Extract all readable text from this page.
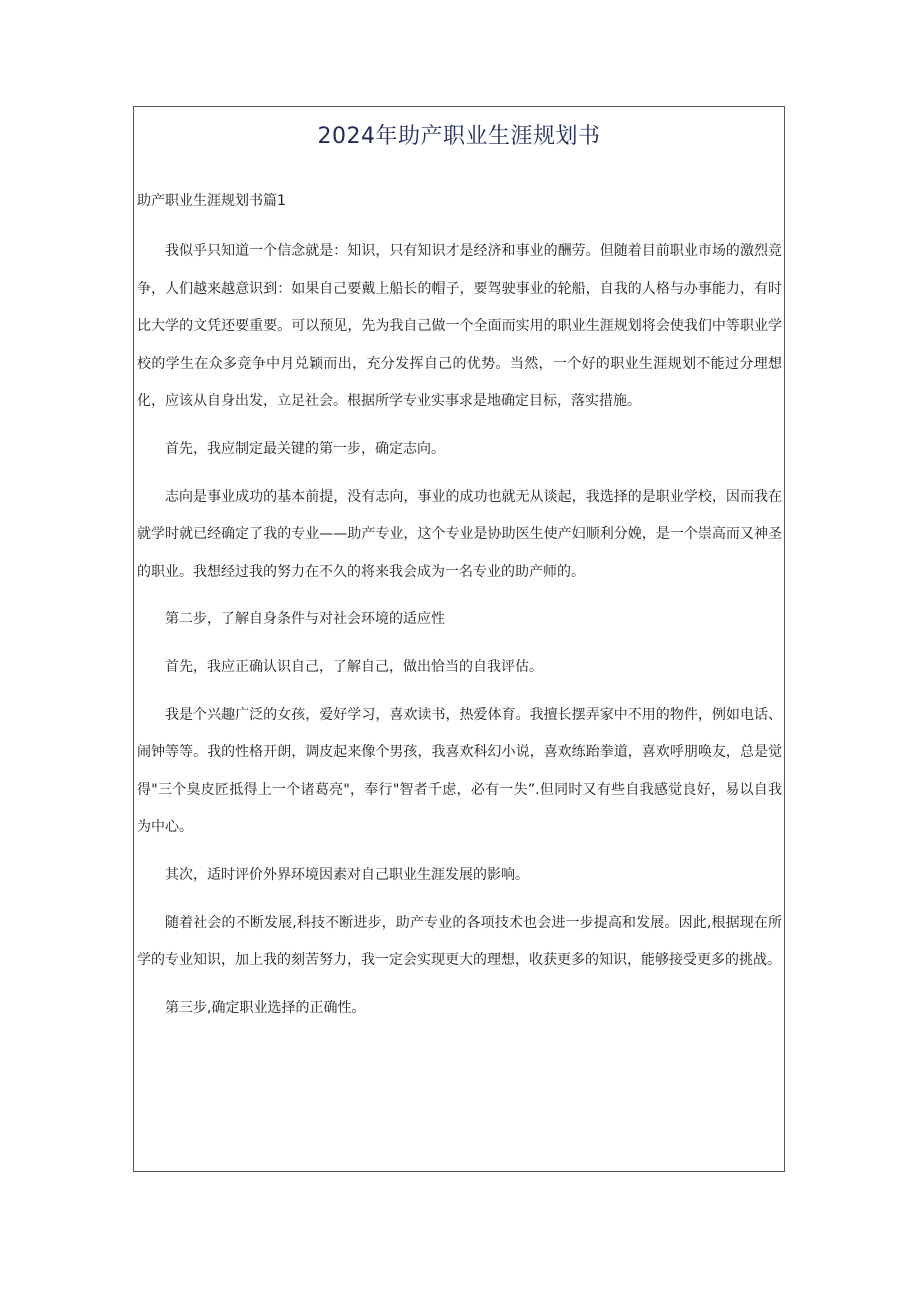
2024年助产职业生涯规划书
助产职业生涯规划书篇1

我似乎只知道一个信念就是：知识，只有知识才是经济和事业的酬劳。但随着目前职业市场的激烈竞争，人们越来越意识到：如果自己要戴上船长的帽子，要驾驶事业的轮船，自我的人格与办事能力，有时比大学的文凭还要重要。可以预见，先为我自己做一个全面而实用的职业生涯规划将会使我们中等职业学校的学生在众多竞争中月兑颖而出，充分发挥自己的优势。当然，一个好的职业生涯规划不能过分理想化，应该从自身出发，立足社会。根据所学专业实事求是地确定目标，落实措施。

首先，我应制定最关键的第一步，确定志向。

志向是事业成功的基本前提，没有志向，事业的成功也就无从谈起，我选择的是职业学校，因而我在就学时就已经确定了我的专业——助产专业，这个专业是协助医生使产妇顺利分娩，是一个崇高而又神圣的职业。我想经过我的努力在不久的将来我会成为一名专业的助产师的。

第二步，了解自身条件与对社会环境的适应性

首先，我应正确认识自己，了解自己，做出恰当的自我评估。

我是个兴趣广泛的女孩，爱好学习，喜欢读书，热爱体育。我擅长摆弄家中不用的物件，例如电话、闹钟等等。我的性格开朗，调皮起来像个男孩，我喜欢科幻小说，喜欢练跆拳道，喜欢呼朋唤友，总是觉得"三个臭皮匠抵得上一个诸葛亮"，奉行"智者千虑，必有一失”.但同时又有些自我感觉良好，易以自我为中心。

其次，适时评价外界环境因素对自己职业生涯发展的影响。

随着社会的不断发展,科技不断进步，助产专业的各项技术也会进一步提高和发展。因此,根据现在所学的专业知识，加上我的刻苦努力，我一定会实现更大的理想，收获更多的知识，能够接受更多的挑战。

第三步,确定职业选择的正确性。
